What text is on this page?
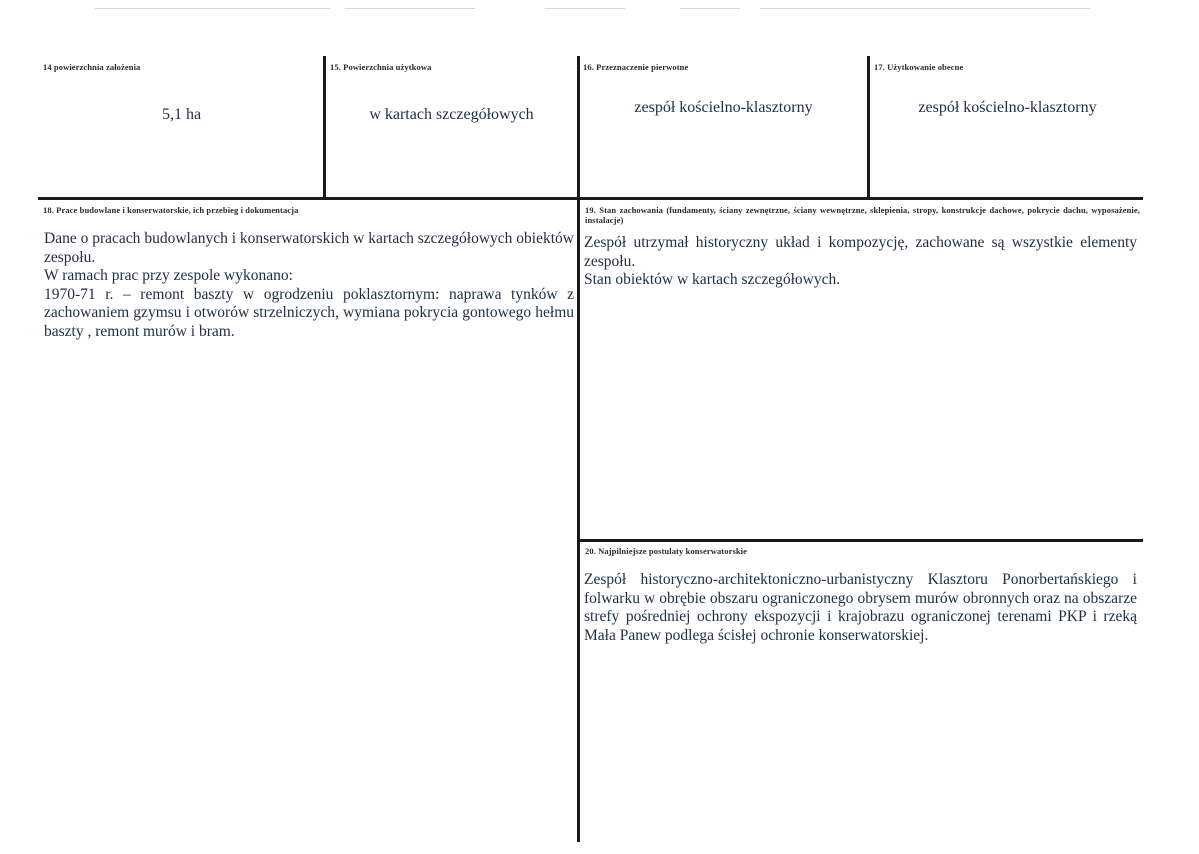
14 powierzchnia założenia
5,1 ha
15. Powierzchnia użytkowa
w kartach szczegółowych
16. Przeznaczenie pierwotne
zespół kościelno-klasztorny
17. Użytkowanie obecne
zespół kościelno-klasztorny
18. Prace budowlane i konserwatorskie, ich przebieg i dokumentacja

Dane o pracach budowlanych i konserwatorskich w kartach szczegółowych obiektów zespołu.

W ramach prac przy zespole wykonano:

1970-71 r. – remont baszty w ogrodzeniu poklasztornym: naprawa tynków z zachowaniem gzymsu i otworów strzelniczych, wymiana pokrycia gontowego hełmu baszty , remont murów i bram.

19. Stan zachowania (fundamenty, ściany zewnętrzne, ściany wewnętrzne, sklepienia, stropy, konstrukcje dachowe, pokrycie dachu, wyposażenie, instalacje)

Zespół utrzymał historyczny układ i kompozycję, zachowane są wszystkie elementy zespołu.

Stan obiektów w kartach szczegółowych.

20. Najpilniejsze postulaty konserwatorskie

Zespół historyczno-architektoniczno-urbanistyczny Klasztoru Ponorbertańskiego i folwarku w obrębie obszaru ograniczonego obrysem murów obronnych oraz na obszarze strefy pośredniej ochrony ekspozycji i krajobrazu ograniczonej terenami PKP i rzeką Mała Panew podlega ścisłej ochronie konserwatorskiej.
